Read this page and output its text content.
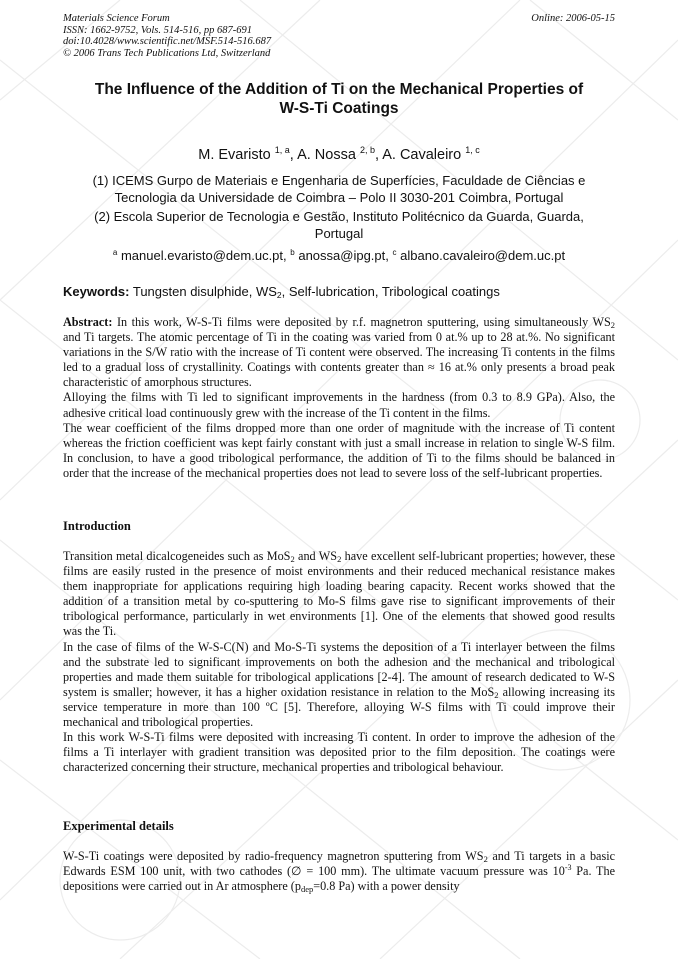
Materials Science Forum
ISSN: 1662-9752, Vols. 514-516, pp 687-691
doi:10.4028/www.scientific.net/MSF.514-516.687
© 2006 Trans Tech Publications Ltd, Switzerland
Online: 2006-05-15
The Influence of the Addition of Ti on the Mechanical Properties of
W-S-Ti Coatings
M. Evaristo $^{1, a}$, A. Nossa $^{2, b}$, A. Cavaleiro $^{1, c}$
(1) ICEMS Gurpo de Materiais e Engenharia de Superfícies, Faculdade de Ciências e
Tecnologia da Universidade de Coimbra – Polo II 3030-201 Coimbra, Portugal
(2) Escola Superior de Tecnologia e Gestão, Instituto Politécnico da Guarda, Guarda,
Portugal
$^a$ manuel.evaristo@dem.uc.pt, $^b$ anossa@ipg.pt, $^c$ albano.cavaleiro@dem.uc.pt
Keywords: Tungsten disulphide, $WS_2$, Self-lubrication, Tribological coatings

Abstract: In this work, W-S-Ti films were deposited by r.f. magnetron sputtering, using simultaneously $WS_2$ and Ti targets. The atomic percentage of Ti in the coating was varied from 0 at.% up to 28 at.%. No significant variations in the S/W ratio with the increase of Ti content were observed. The increasing Ti contents in the films led to a gradual loss of crystallinity. Coatings with contents greater than ≈ 16 at.% only presents a broad peak characteristic of amorphous structures.

Alloying the films with Ti led to significant improvements in the hardness (from 0.3 to 8.9 GPa). Also, the adhesive critical load continuously grew with the increase of the Ti content in the films.

The wear coefficient of the films dropped more than one order of magnitude with the increase of Ti content whereas the friction coefficient was kept fairly constant with just a small increase in relation to single W-S film. In conclusion, to have a good tribological performance, the addition of Ti to the films should be balanced in order that the increase of the mechanical properties does not lead to severe loss of the self-lubricant properties.

Introduction

Transition metal dicalcogeneides such as MoS$_2$ and $WS_2$ have excellent self-lubricant properties; however, these films are easily rusted in the presence of moist environments and their reduced mechanical resistance makes them inappropriate for applications requiring high loading bearing capacity. Recent works showed that the addition of a transition metal by co-sputtering to Mo-S films gave rise to significant improvements of their tribological performance, particularly in wet environments [1]. One of the elements that showed good results was the Ti.

In the case of films of the W-S-C(N) and Mo-S-Ti systems the deposition of a Ti interlayer between the films and the substrate led to significant improvements on both the adhesion and the mechanical and tribological properties and made them suitable for tribological applications [2-4]. The amount of research dedicated to W-S system is smaller; however, it has a higher oxidation resistance in relation to the MoS$_2$ allowing increasing its service temperature in more than 100 ºC [5]. Therefore, alloying W-S films with Ti could improve their mechanical and tribological properties.

In this work W-S-Ti films were deposited with increasing Ti content. In order to improve the adhesion of the films a Ti interlayer with gradient transition was deposited prior to the film deposition. The coatings were characterized concerning their structure, mechanical properties and tribological behaviour.

Experimental details

W-S-Ti coatings were deposited by radio-frequency magnetron sputtering from $WS_2$ and Ti targets in a basic Edwards ESM 100 unit, with two cathodes (∅ = 100 mm). The ultimate vacuum pressure was $10^{-3}$ Pa. The depositions were carried out in Ar atmosphere ($p_{dep}=0.8$ Pa) with a power density
